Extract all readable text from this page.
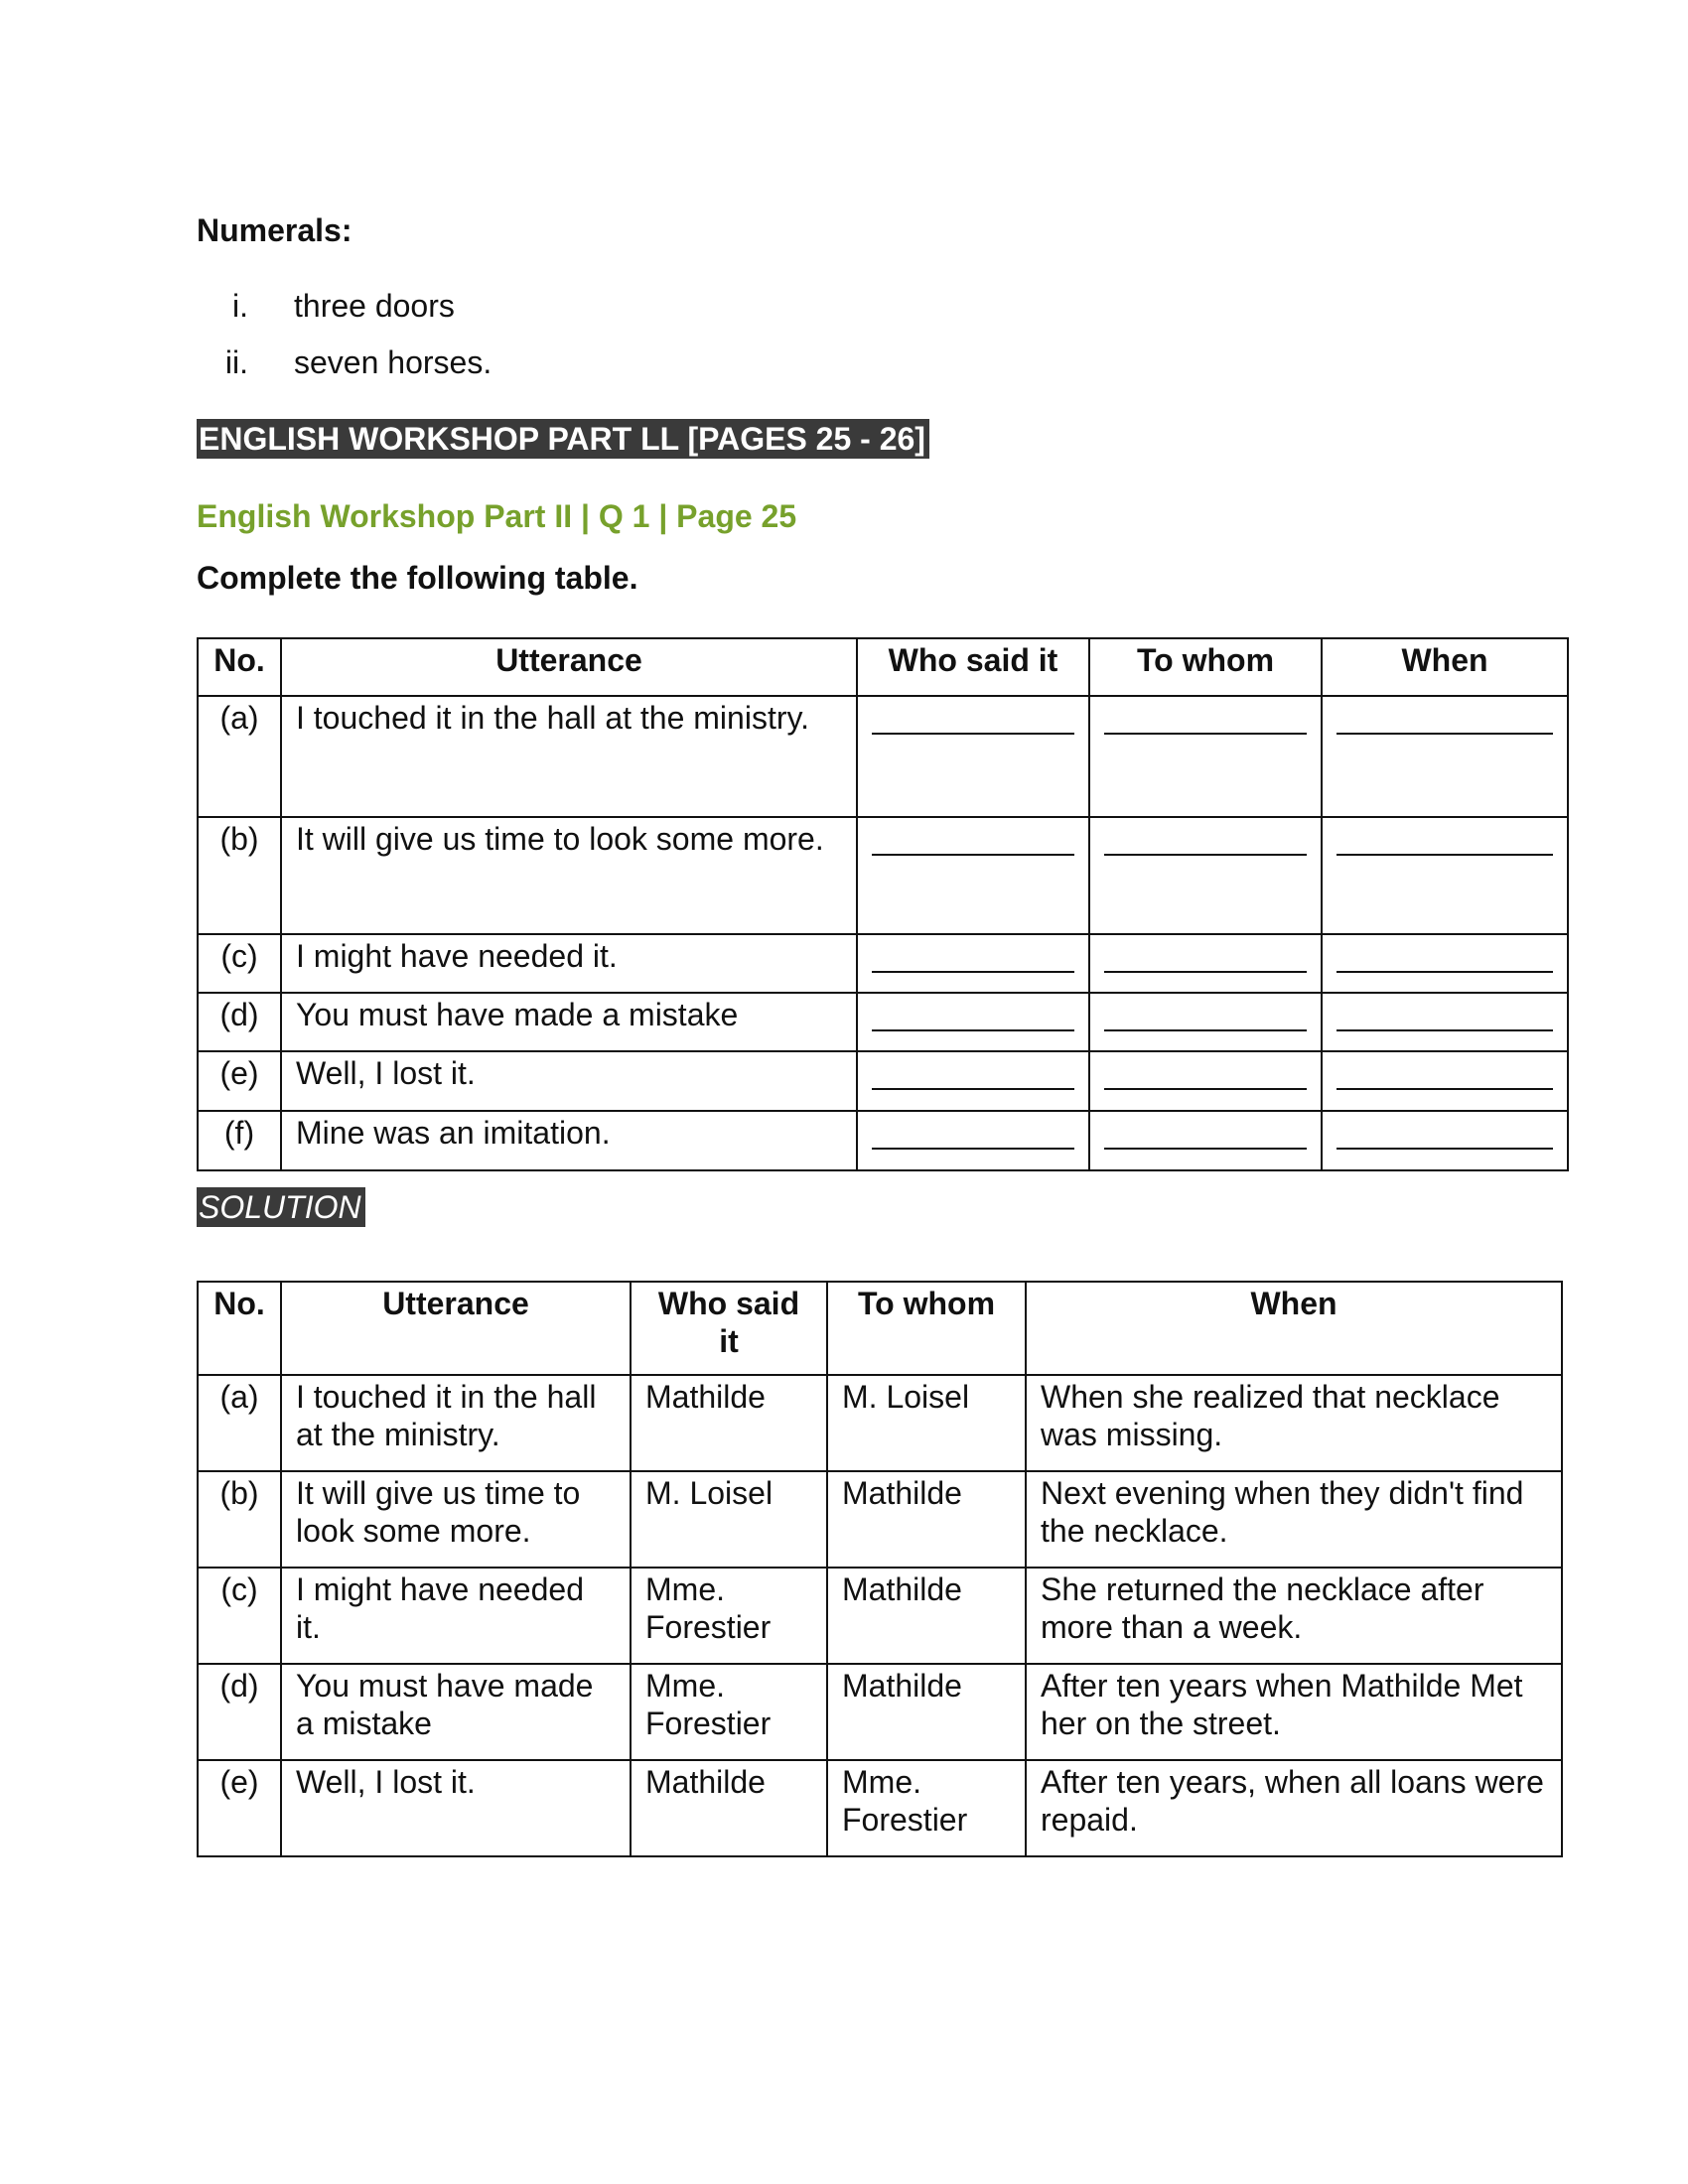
Numerals:
i. three doors
ii. seven horses.
ENGLISH WORKSHOP PART LL [PAGES 25 - 26]
English Workshop Part II | Q 1 | Page 25

Complete the following table.

No.	Utterance	Who said it	To whom	When
(a)	I touched it in the hall at the ministry.	

(b)	It will give us time to look some more.	

(c)	I might have needed it.	

(d)	You must have made a mistake	

(e)	Well, I lost it.	

(f)	Mine was an imitation.	

SOLUTION
No.	Utterance	Who said it	To whom	When
(a)	I touched it in the hall at the ministry.	Mathilde	M. Loisel	When she realized that necklace was missing.
(b)	It will give us time to look some more.	M. Loisel	Mathilde	Next evening when they didn't find the necklace.
(c)	I might have needed it.	Mme. Forestier	Mathilde	She returned the necklace after more than a week.
(d)	You must have made a mistake	Mme. Forestier	Mathilde	After ten years when Mathilde Met her on the street.
(e)	Well, I lost it.	Mathilde	Mme. Forestier	After ten years, when all loans were repaid.
